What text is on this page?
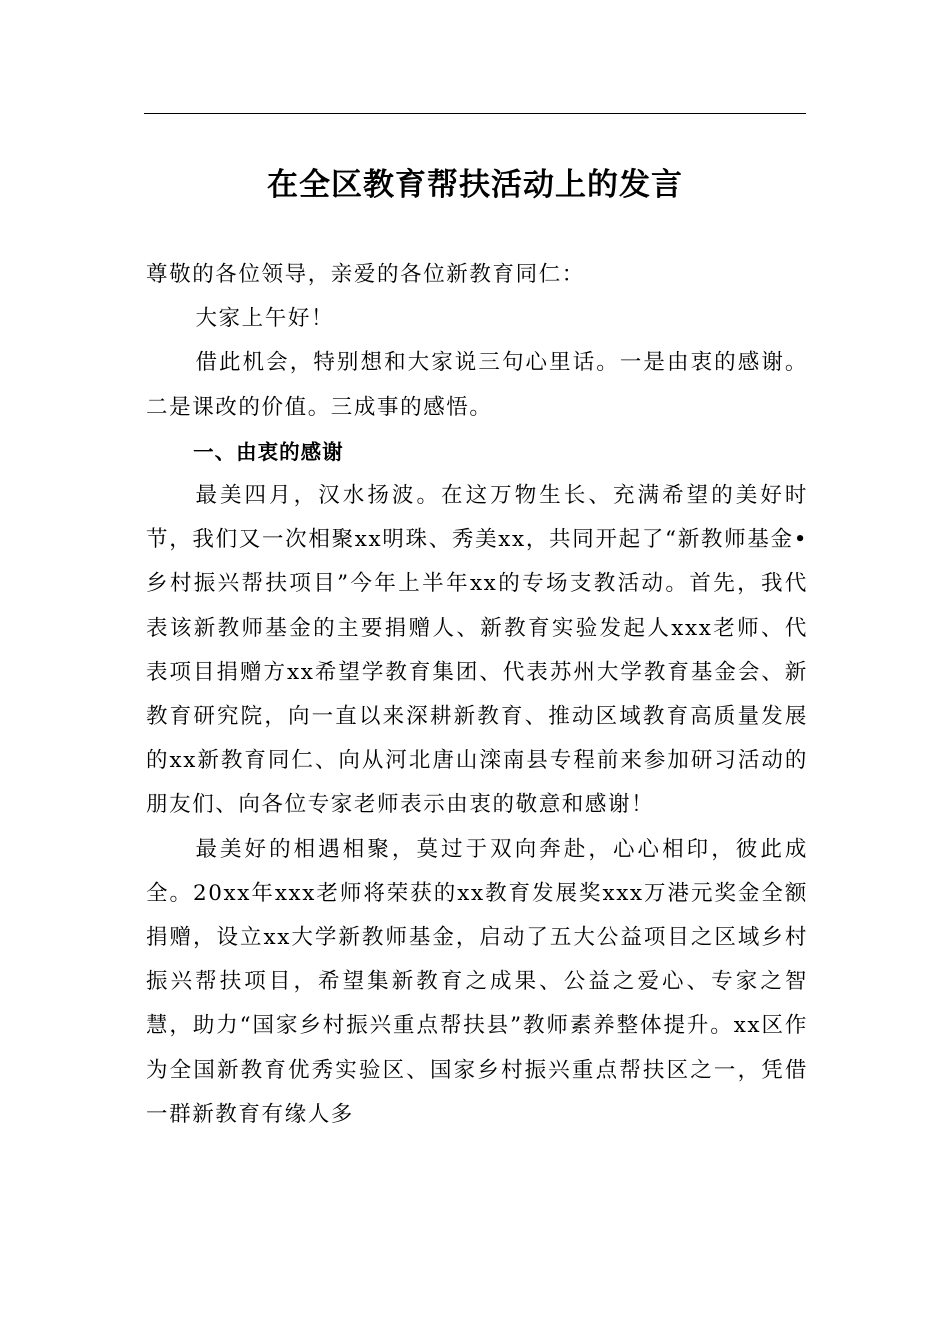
在全区教育帮扶活动上的发言

尊敬的各位领导，亲爱的各位新教育同仁：

大家上午好！

借此机会，特别想和大家说三句心里话。一是由衷的感谢。二是课改的价值。三成事的感悟。

一、由衷的感谢

最美四月，汉水扬波。在这万物生长、充满希望的美好时节，我们又一次相聚xx明珠、秀美xx，共同开起了“新教师基金•乡村振兴帮扶项目”今年上半年xx的专场支教活动。首先，我代表该新教师基金的主要捐赠人、新教育实验发起人xxx老师、代表项目捐赠方xx希望学教育集团、代表苏州大学教育基金会、新教育研究院，向一直以来深耕新教育、推动区域教育高质量发展的xx新教育同仁、向从河北唐山滦南县专程前来参加研习活动的朋友们、向各位专家老师表示由衷的敬意和感谢！

最美好的相遇相聚，莫过于双向奔赴，心心相印，彼此成全。20xx年xxx老师将荣获的xx教育发展奖xxx万港元奖金全额捐赠，设立xx大学新教师基金，启动了五大公益项目之区域乡村振兴帮扶项目，希望集新教育之成果、公益之爱心、专家之智慧，助力“国家乡村振兴重点帮扶县”教师素养整体提升。xx区作为全国新教育优秀实验区、国家乡村振兴重点帮扶区之一，凭借一群新教育有缘人多
